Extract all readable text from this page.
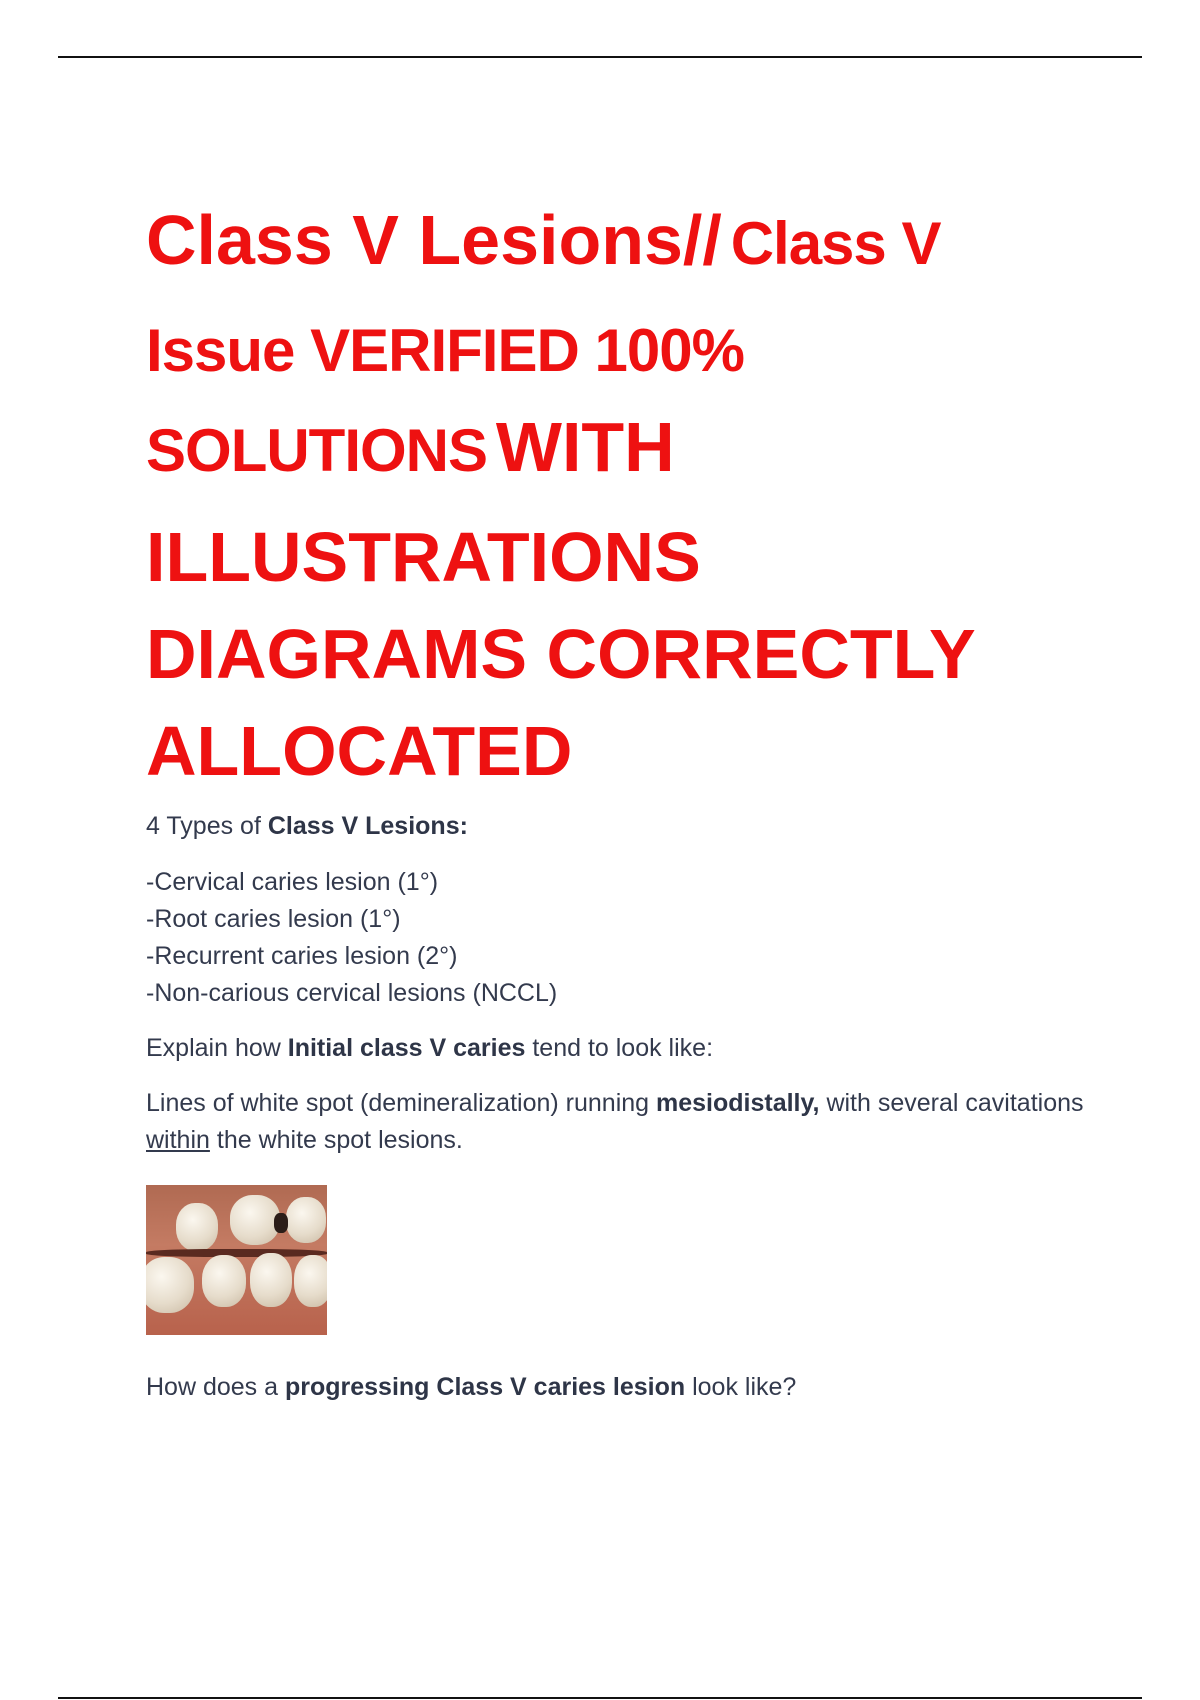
Class V Lesions// Class V
Issue VERIFIED 100%
SOLUTIONS WITH
ILLUSTRATIONS
DIAGRAMS CORRECTLY
ALLOCATED

4 Types of Class V Lesions:

-Cervical caries lesion (1°)
-Root caries lesion (1°)
-Recurrent caries lesion (2°)
-Non-carious cervical lesions (NCCL)

Explain how Initial class V caries tend to look like:

Lines of white spot (demineralization) running mesiodistally, with several cavitations within the white spot lesions.

How does a progressing Class V caries lesion look like?
